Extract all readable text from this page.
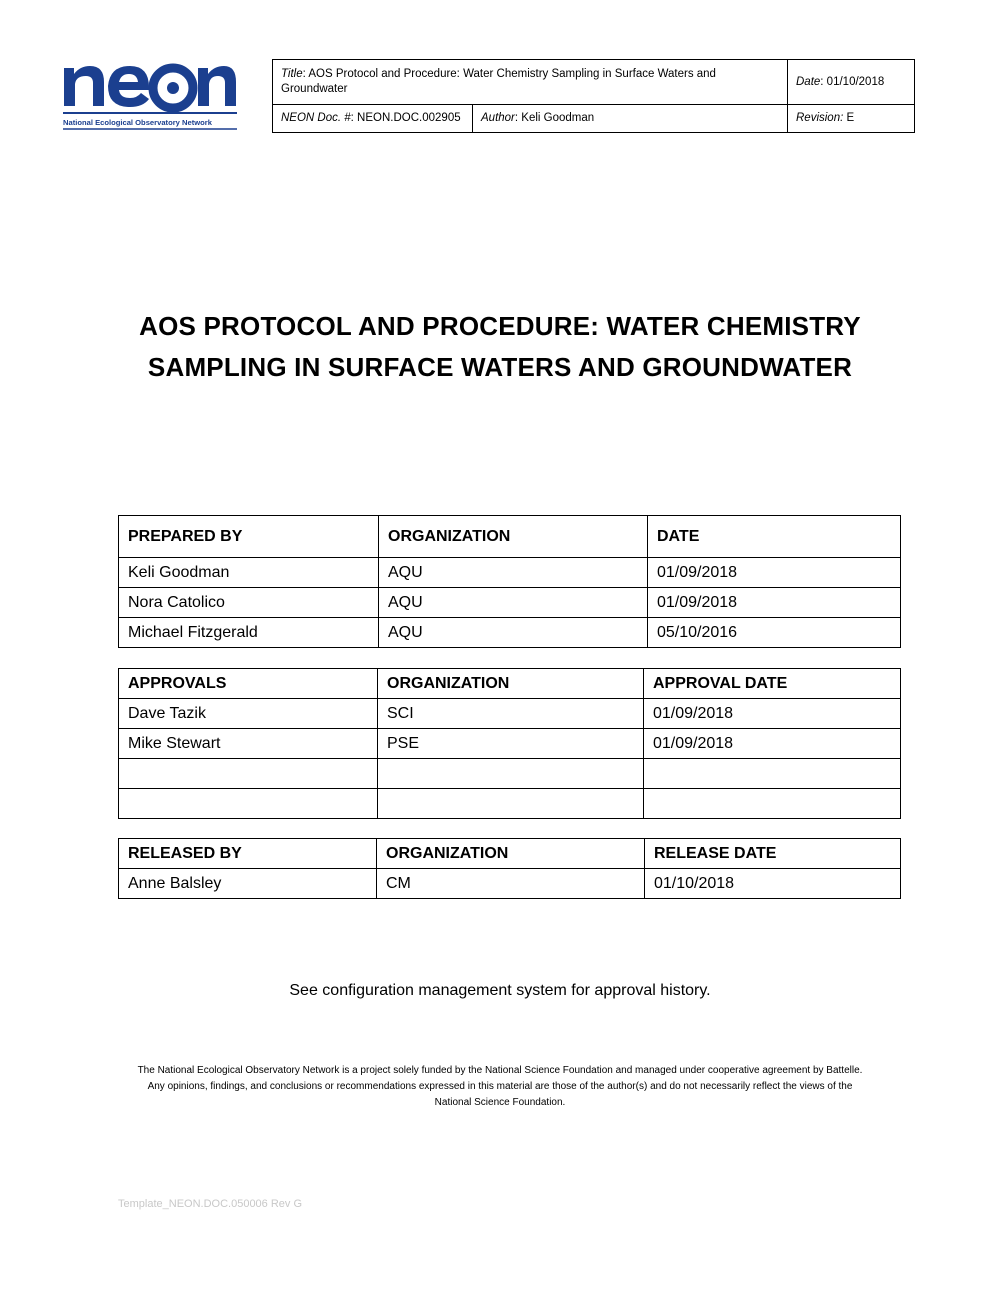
National Ecological Observatory Network
Title: AOS Protocol and Procedure: Water Chemistry Sampling in Surface Waters and Groundwater		Date: 01/10/2018
NEON Doc. #: NEON.DOC.002905	Author: Keli Goodman	Revision: E
AOS PROTOCOL AND PROCEDURE: WATER CHEMISTRY
SAMPLING IN SURFACE WATERS AND GROUNDWATER
PREPARED BY	ORGANIZATION	DATE
Keli Goodman	AQU	01/09/2018
Nora Catolico	AQU	01/09/2018
Michael Fitzgerald	AQU	05/10/2016
APPROVALS	ORGANIZATION	APPROVAL DATE
Dave Tazik	SCI	01/09/2018
Mike Stewart	PSE	01/09/2018

RELEASED BY	ORGANIZATION	RELEASE DATE
Anne Balsley	CM	01/10/2018
See configuration management system for approval history.
The National Ecological Observatory Network is a project solely funded by the National Science Foundation and managed under cooperative agreement by Battelle.
Any opinions, findings, and conclusions or recommendations expressed in this material are those of the author(s) and do not necessarily reflect the views of the
National Science Foundation.
Template_NEON.DOC.050006 Rev G
